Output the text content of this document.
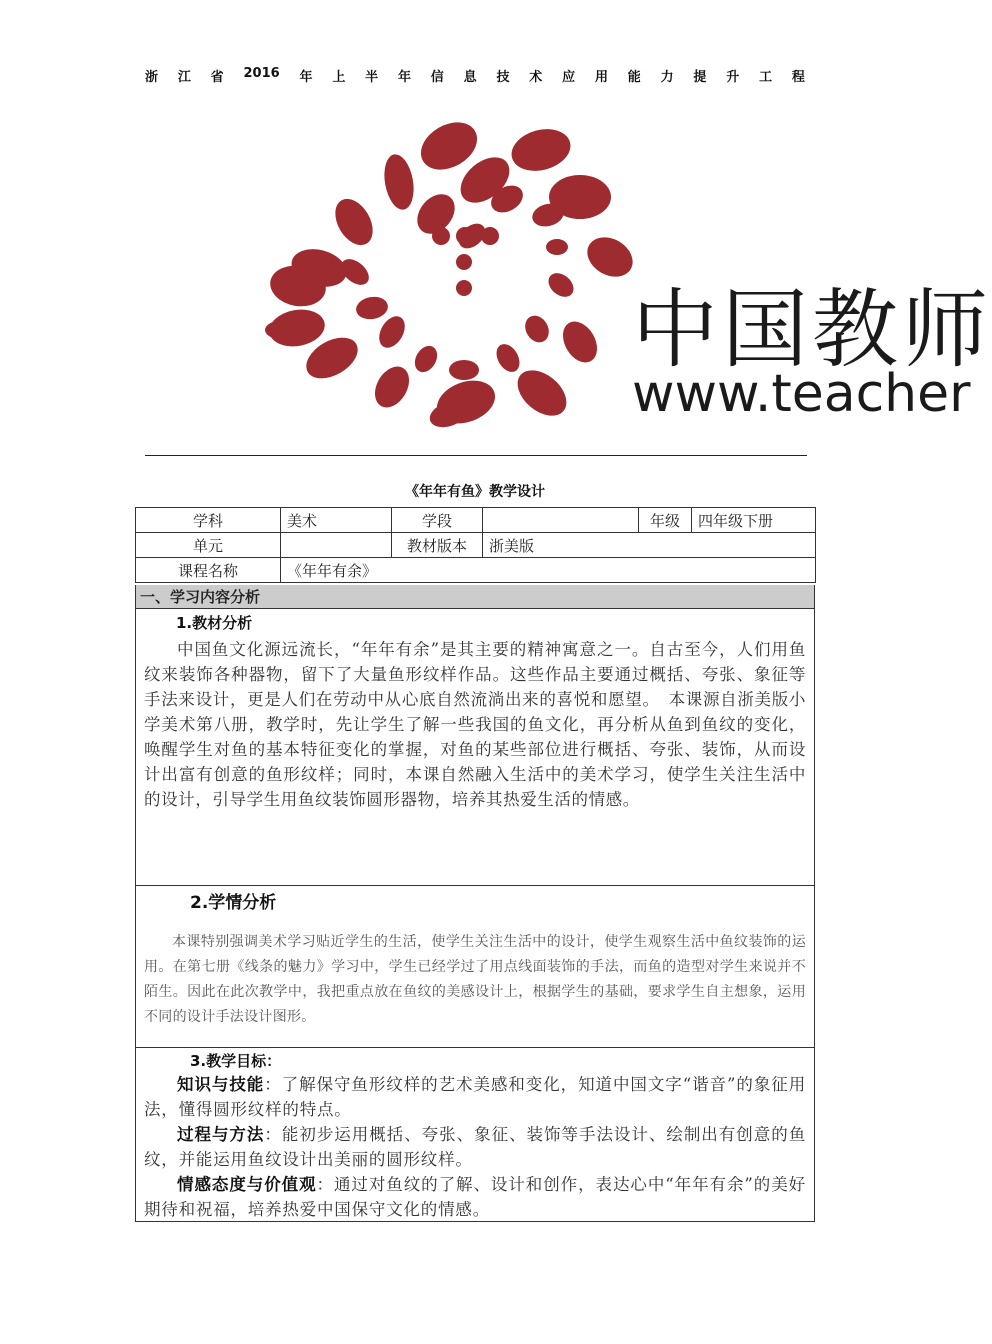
浙 江 省 2016 年 上 半 年 信 息 技 术 应 用 能 力 提 升 工 程
中国教师
www.teacher
《年年有鱼》教学设计
学科	美术	学段		年级	四年级下册
单元		教材版本	浙美版		
课程名称	《年年有余》				
一、学习内容分析
1.教材分析

中国鱼文化源远流长，“年年有余”是其主要的精神寓意之一。自古至今，人们用鱼纹来装饰各种器物，留下了大量鱼形纹样作品。这些作品主要通过概括、夸张、象征等手法来设计，更是人们在劳动中从心底自然流淌出来的喜悦和愿望。　本课源自浙美版小学美术第八册，教学时，先让学生了解一些我国的鱼文化，再分析从鱼到鱼纹的变化，唤醒学生对鱼的基本特征变化的掌握，对鱼的某些部位进行概括、夸张、装饰，从而设计出富有创意的鱼形纹样；同时，本课自然融入生活中的美术学习，使学生关注生活中的设计，引导学生用鱼纹装饰圆形器物，培养其热爱生活的情感。

2.学情分析

本课特别强调美术学习贴近学生的生活，使学生关注生活中的设计，使学生观察生活中鱼纹装饰的运用。在第七册《线条的魅力》学习中，学生已经学过了用点线面装饰的手法，而鱼的造型对学生来说并不陌生。因此在此次教学中，我把重点放在鱼纹的美感设计上，根据学生的基础，要求学生自主想象，运用不同的设计手法设计图形。

3.教学目标：

知识与技能：了解保守鱼形纹样的艺术美感和变化，知道中国文字“谐音”的象征用法，懂得圆形纹样的特点。

过程与方法：能初步运用概括、夸张、象征、装饰等手法设计、绘制出有创意的鱼纹，并能运用鱼纹设计出美丽的圆形纹样。

情感态度与价值观：通过对鱼纹的了解、设计和创作，表达心中“年年有余”的美好期待和祝福，培养热爱中国保守文化的情感。
